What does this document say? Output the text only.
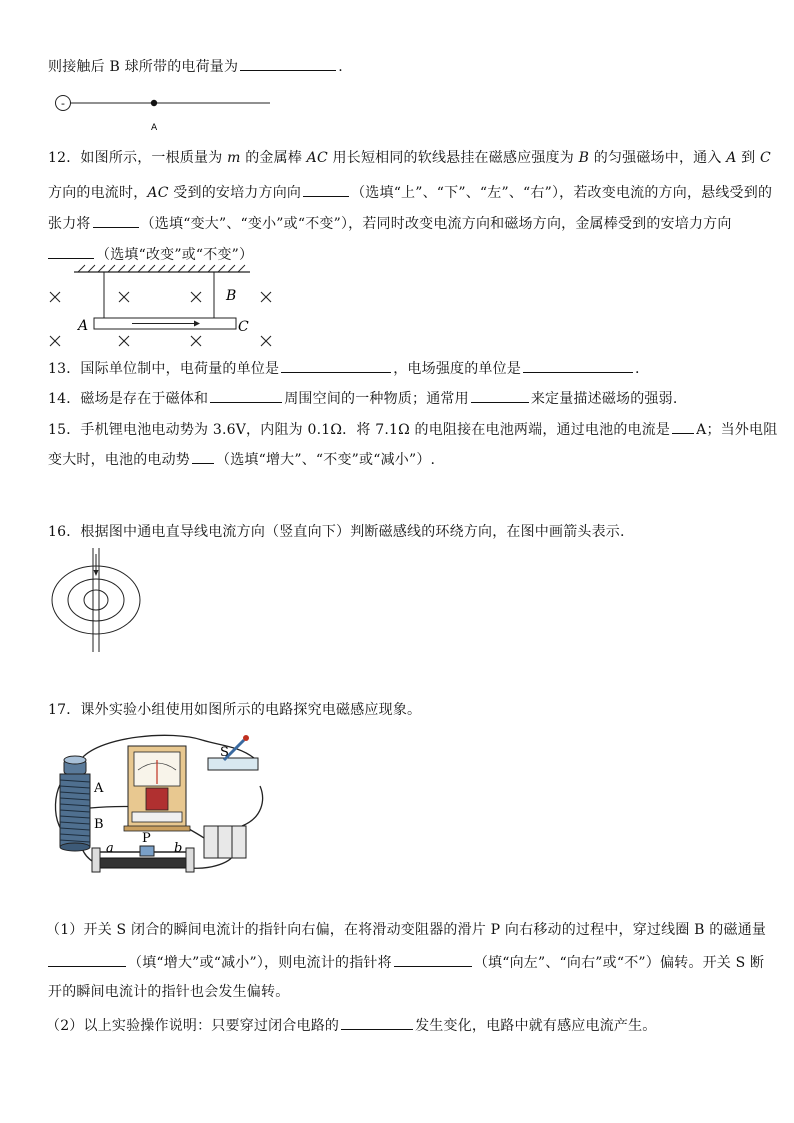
则接触后 B 球所带的电荷量为	.
-
A
12．如图所示，一根质量为 m 的金属棒 AC 用长短相同的软线悬挂在磁感应强度为 B 的匀强磁场中，通入 A 到 C
方向的电流时，AC 受到的安培力方向向	（选填“上”、“下”、“左”、“右”），若改变电流的方向，悬线受到的
张力将	（选填“变大”、“变小”或“不变”），若同时改变电流方向和磁场方向，金属棒受到的安培力方向
（选填“改变”或“不变”）
B
A	C
13．国际单位制中，电荷量的单位是	，电场强度的单位是	.
14．磁场是存在于磁体和	周围空间的一种物质；通常用	来定量描述磁场的强弱.
15．手机锂电池电动势为 3.6V，内阻为 0.1Ω．将 7.1Ω 的电阻接在电池两端，通过电池的电流是 A；当外电阻
变大时，电池的电动势 （选填“增大”、“不变”或“减小”）.
16．根据图中通电直导线电流方向（竖直向下）判断磁感线的环绕方向，在图中画箭头表示.
17．课外实验小组使用如图所示的电路探究电磁感应现象。
A
B
S
P
a	b
（1）开关 S 闭合的瞬间电流计的指针向右偏，在将滑动变阻器的滑片 P 向右移动的过程中，穿过线圈 B 的磁通量
（填“增大”或“减小”），则电流计的指针将	（填“向左”、“向右”或“不”）偏转。开关 S 断
开的瞬间电流计的指针也会发生偏转。
（2）以上实验操作说明：只要穿过闭合电路的	发生变化，电路中就有感应电流产生。
